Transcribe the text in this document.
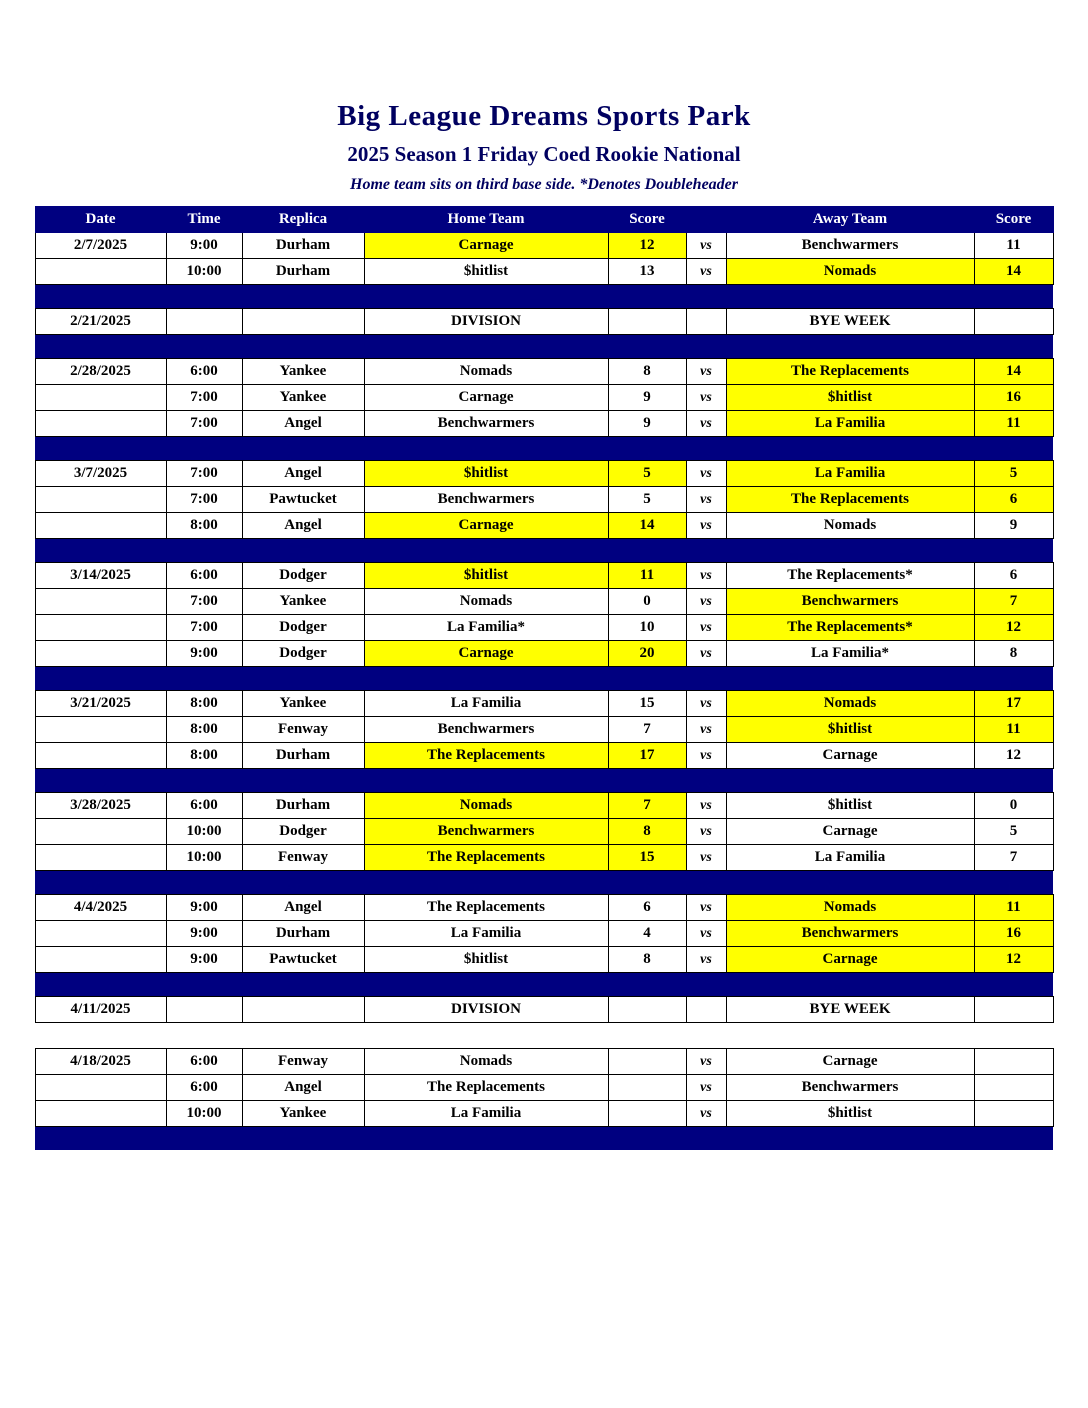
Big League Dreams Sports Park
2025 Season 1 Friday Coed Rookie National
Home team sits on third base side. *Denotes Doubleheader
Date	Time	Replica	Home Team	Score		Away Team	Score
2/7/2025	9:00	Durham	Carnage	12	vs	Benchwarmers	11
	10:00	Durham	$hitlist	13	vs	Nomads	14

2/21/2025			DIVISION			BYE WEEK	

2/28/2025	6:00	Yankee	Nomads	8	vs	The Replacements	14
	7:00	Yankee	Carnage	9	vs	$hitlist	16
	7:00	Angel	Benchwarmers	9	vs	La Familia	11

3/7/2025	7:00	Angel	$hitlist	5	vs	La Familia	5
	7:00	Pawtucket	Benchwarmers	5	vs	The Replacements	6
	8:00	Angel	Carnage	14	vs	Nomads	9

3/14/2025	6:00	Dodger	$hitlist	11	vs	The Replacements*	6
	7:00	Yankee	Nomads	0	vs	Benchwarmers	7
	7:00	Dodger	La Familia*	10	vs	The Replacements*	12
	9:00	Dodger	Carnage	20	vs	La Familia*	8

3/21/2025	8:00	Yankee	La Familia	15	vs	Nomads	17
	8:00	Fenway	Benchwarmers	7	vs	$hitlist	11
	8:00	Durham	The Replacements	17	vs	Carnage	12

3/28/2025	6:00	Durham	Nomads	7	vs	$hitlist	0
	10:00	Dodger	Benchwarmers	8	vs	Carnage	5
	10:00	Fenway	The Replacements	15	vs	La Familia	7

4/4/2025	9:00	Angel	The Replacements	6	vs	Nomads	11
	9:00	Durham	La Familia	4	vs	Benchwarmers	16
	9:00	Pawtucket	$hitlist	8	vs	Carnage	12

4/11/2025			DIVISION			BYE WEEK	

4/18/2025	6:00	Fenway	Nomads		vs	Carnage	
	6:00	Angel	The Replacements		vs	Benchwarmers	
	10:00	Yankee	La Familia		vs	$hitlist	
